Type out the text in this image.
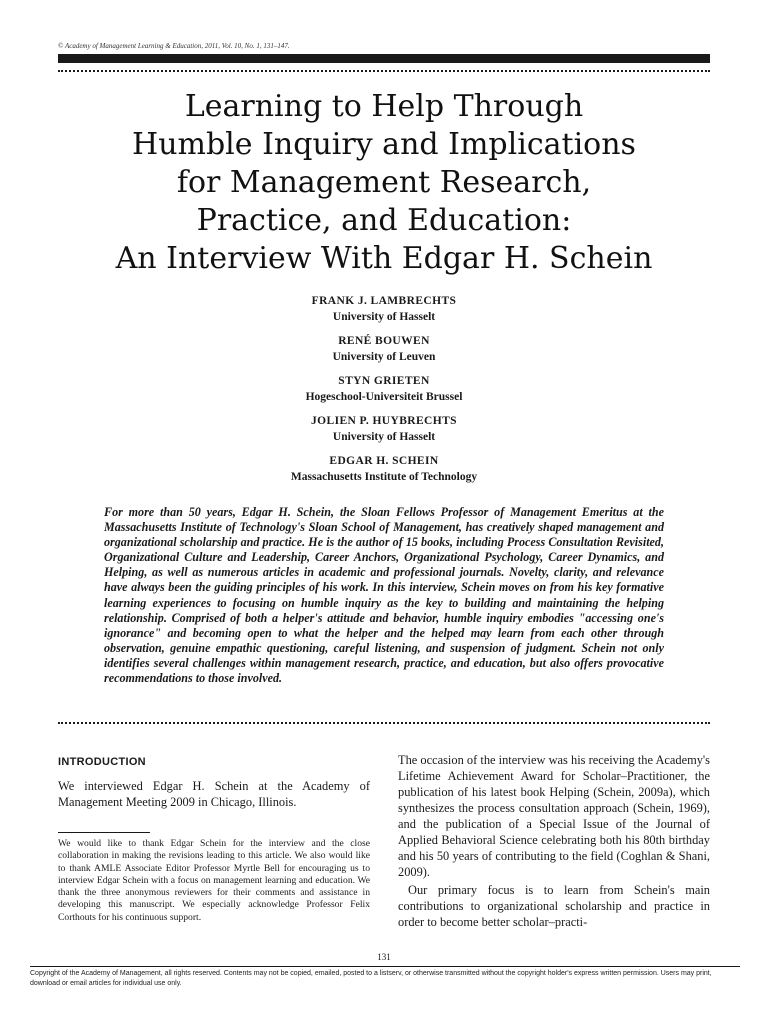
© Academy of Management Learning & Education, 2011, Vol. 10, No. 1, 131–147.
Learning to Help Through
Humble Inquiry and Implications
for Management Research,
Practice, and Education:
An Interview With Edgar H. Schein
FRANK J. LAMBRECHTS
University of Hasselt
RENÉ BOUWEN
University of Leuven
STYN GRIETEN
Hogeschool-Universiteit Brussel
JOLIEN P. HUYBRECHTS
University of Hasselt
EDGAR H. SCHEIN
Massachusetts Institute of Technology

For more than 50 years, Edgar H. Schein, the Sloan Fellows Professor of Management Emeritus at the Massachusetts Institute of Technology's Sloan School of Management, has creatively shaped management and organizational scholarship and practice. He is the author of 15 books, including Process Consultation Revisited, Organizational Culture and Leadership, Career Anchors, Organizational Psychology, Career Dynamics, and Helping, as well as numerous articles in academic and professional journals. Novelty, clarity, and relevance have always been the guiding principles of his work. In this interview, Schein moves on from his key formative learning experiences to focusing on humble inquiry as the key to building and maintaining the helping relationship. Comprised of both a helper's attitude and behavior, humble inquiry embodies "accessing one's ignorance" and becoming open to what the helper and the helped may learn from each other through observation, genuine empathic questioning, careful listening, and suspension of judgment. Schein not only identifies several challenges within management research, practice, and education, but also offers provocative recommendations to those involved.

INTRODUCTION

We interviewed Edgar H. Schein at the Academy of Management Meeting 2009 in Chicago, Illinois.

We would like to thank Edgar Schein for the interview and the close collaboration in making the revisions leading to this article. We also would like to thank AMLE Associate Editor Professor Myrtle Bell for encouraging us to interview Edgar Schein with a focus on management learning and education. We thank the three anonymous reviewers for their comments and assistance in developing this manuscript. We especially acknowledge Professor Felix Corthouts for his continuous support.

The occasion of the interview was his receiving the Academy's Lifetime Achievement Award for Scholar–Practitioner, the publication of his latest book Helping (Schein, 2009a), which synthesizes the process consultation approach (Schein, 1969), and the publication of a Special Issue of the Journal of Applied Behavioral Science celebrating both his 80th birthday and his 50 years of contributing to the field (Coghlan & Shani, 2009).

Our primary focus is to learn from Schein's main contributions to organizational scholarship and practice in order to become better scholar–practi-

131

Copyright of the Academy of Management, all rights reserved. Contents may not be copied, emailed, posted to a listserv, or otherwise transmitted without the copyright holder's express written permission. Users may print, download or email articles for individual use only.
